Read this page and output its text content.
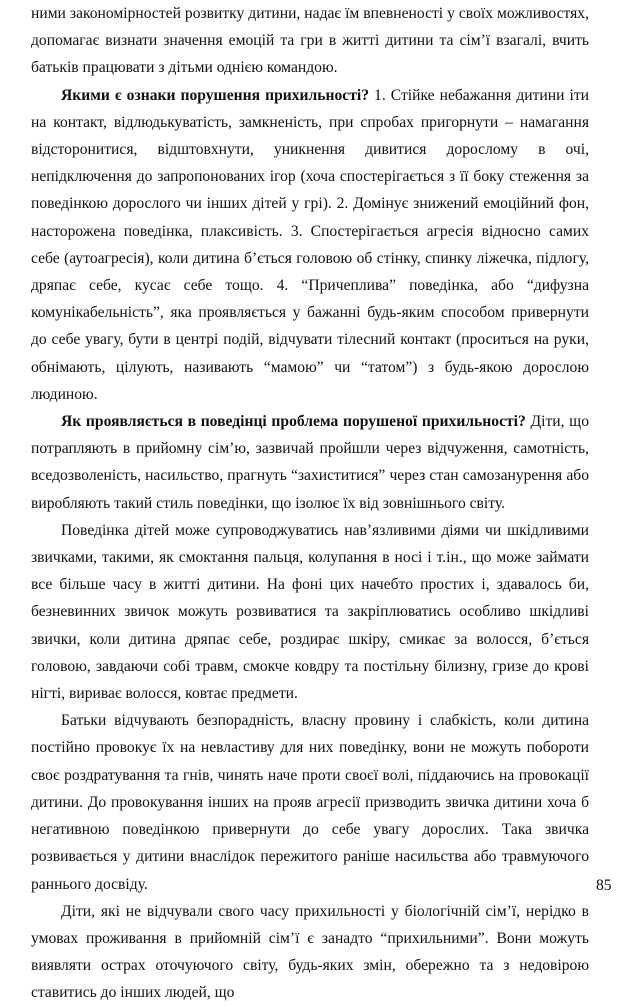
ними закономірностей розвитку дитини, надає їм впевненості у своїх можливостях, допомагає визнати значення емоцій та гри в житті дитини та сім’ї взагалі, вчить батьків працювати з дітьми однією командою.

Якими є ознаки порушення прихильності? 1. Стійке небажання дитини іти на контакт, відлюдькуватість, замкненість, при спробах пригорнути – намагання відсторонитися, відштовхнути, уникнення дивитися дорослому в очі, непідключення до запропонованих ігор (хоча спостерігається з її боку стеження за поведінкою дорослого чи інших дітей у грі). 2. Домінує знижений емоційний фон, насторожена поведінка, плаксивість. 3. Спостерігається агресія відносно самих себе (аутоагресія), коли дитина б’ється головою об стінку, спинку ліжечка, підлогу, дряпає себе, кусає себе тощо. 4. “Причеплива” поведінка, або “дифузна комунікабельність”, яка проявляється у бажанні будь-яким способом привернути до себе увагу, бути в центрі подій, відчувати тілесний контакт (проситься на руки, обнімають, цілують, називають “мамою” чи “татом”) з будь-якою дорослою людиною.

Як проявляється в поведінці проблема порушеної прихильності? Діти, що потрапляють в прийомну сім’ю, зазвичай пройшли через відчуження, самотність, вседозволеність, насильство, прагнуть “захиститися” через стан самозанурення або виробляють такий стиль поведінки, що ізолює їх від зовнішнього світу.

Поведінка дітей може супроводжуватись нав’язливими діями чи шкідливими звичками, такими, як смоктання пальця, колупання в носі і т.ін., що може займати все більше часу в житті дитини. На фоні цих начебто простих і, здавалось би, безневинних звичок можуть розвиватися та закріплюватись особливо шкідливі звички, коли дитина дряпає себе, роздирає шкіру, смикає за волосся, б’ється головою, завдаючи собі травм, смокче ковдру та постільну білизну, гризе до крові нігті, вириває волосся, ковтає предмети.

Батьки відчувають безпорадність, власну провину і слабкість, коли дитина постійно провокує їх на невластиву для них поведінку, вони не можуть побороти своє роздратування та гнів, чинять наче проти своєї волі, піддаючись на провокації дитини. До провокування інших на прояв агресії призводить звичка дитини хоча б негативною поведінкою привернути до себе увагу дорослих. Така звичка розвивається у дитини внаслідок пережитого раніше насильства або травмуючого раннього досвіду.

Діти, які не відчували свого часу прихильності у біологічній сім’ї, нерідко в умовах проживання в прийомній сім’ї є занадто “прихильними”. Вони можуть виявляти острах оточуючого світу, будь-яких змін, обережно та з недовірою ставитись до інших людей, що

85
